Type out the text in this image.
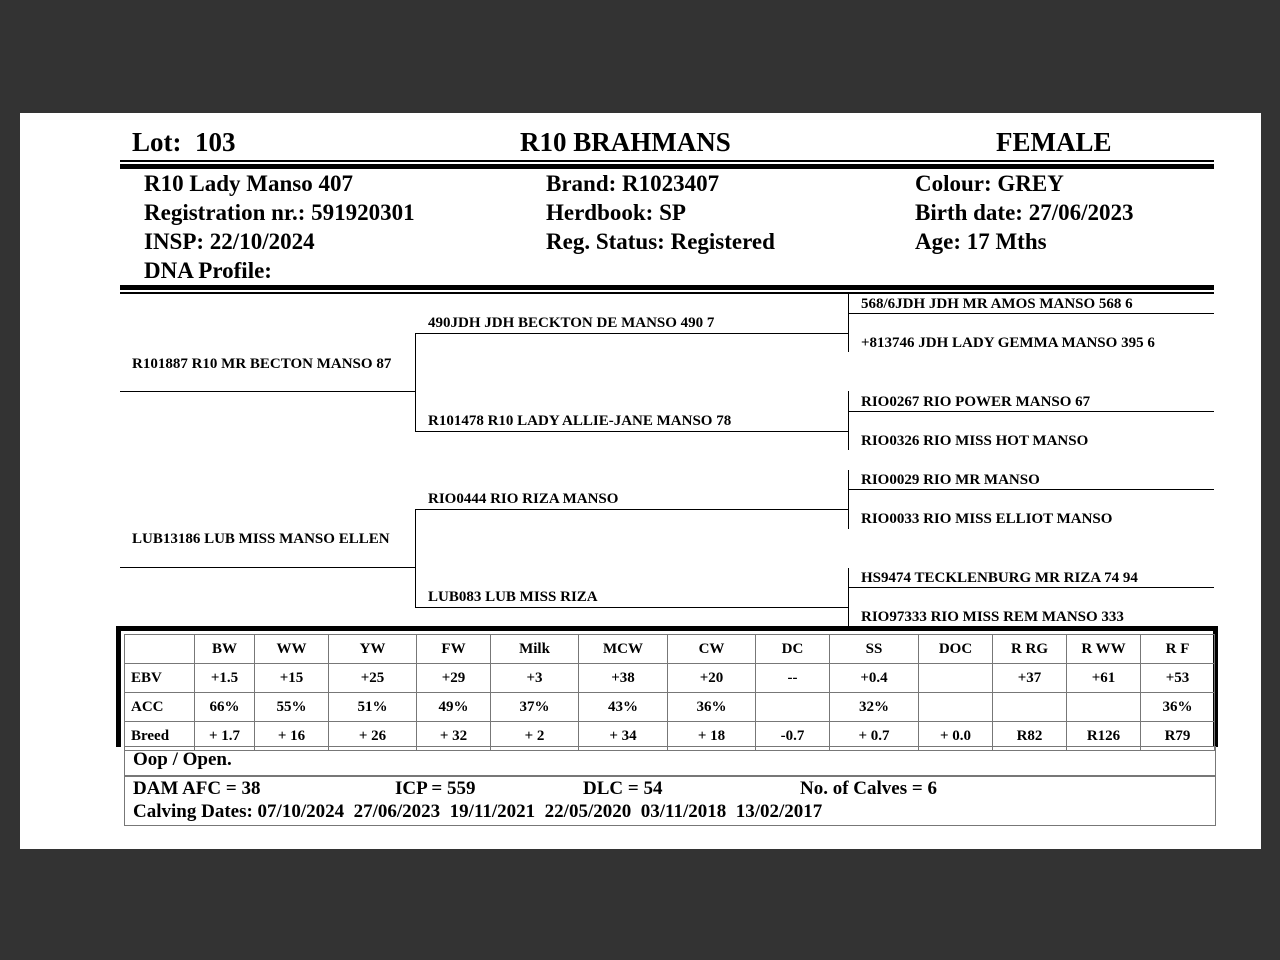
Lot: 103	R10 BRAHMANS	FEMALE
R10 Lady Manso 407
Registration nr.: 591920301
INSP: 22/10/2024
DNA Profile:
Brand: R1023407
Herdbook: SP
Reg. Status: Registered
Colour: GREY
Birth date: 27/06/2023
Age: 17 Mths
R101887 R10 MR BECTON MANSO 87
LUB13186 LUB MISS MANSO ELLEN
490JDH JDH BECKTON DE MANSO 490 7
R101478 R10 LADY ALLIE-JANE MANSO 78
RIO0444 RIO RIZA MANSO
LUB083 LUB MISS RIZA
568/6JDH JDH MR AMOS MANSO 568 6
+813746 JDH LADY GEMMA MANSO 395 6
RIO0267 RIO POWER MANSO 67
RIO0326 RIO MISS HOT MANSO
RIO0029 RIO MR MANSO
RIO0033 RIO MISS ELLIOT MANSO
HS9474 TECKLENBURG MR RIZA 74 94
RIO97333 RIO MISS REM MANSO 333
	BW	WW	YW	FW	Milk	MCW	CW	DC	SS	DOC	R RG	R WW	R F
EBV	+1.5	+15	+25	+29	+3	+38	+20	--	+0.4		+37	+61	+53
ACC	66%	55%	51%	49%	37%	43%	36%		32%				36%
Breed	+ 1.7	+ 16	+ 26	+ 32	+ 2	+ 34	+ 18	-0.7	+ 0.7	+ 0.0	R82	R126	R79
Oop / Open.
DAM AFC = 38	ICP = 559	DLC = 54	No. of Calves = 6
Calving Dates: 07/10/2024  27/06/2023  19/11/2021  22/05/2020  03/11/2018  13/02/2017
